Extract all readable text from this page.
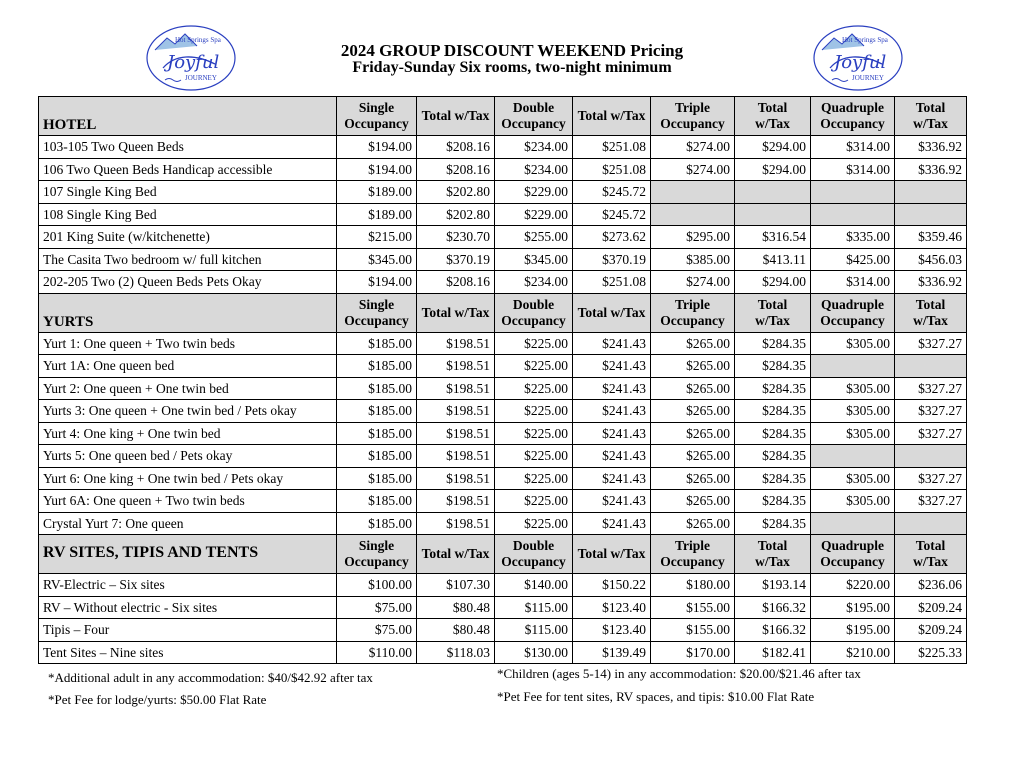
Hot Springs Spa
Joyful
JOURNEY
Hot Springs Spa
Joyful
JOURNEY
2024 GROUP DISCOUNT WEEKEND Pricing
Friday-Sunday Six rooms, two-night minimum
HOTEL	Single Occupancy	Total w/Tax	Double Occupancy	Total w/Tax	Triple Occupancy	Total w/Tax	Quadruple Occupancy	Total w/Tax
103-105 Two Queen Beds	$194.00	$208.16	$234.00	$251.08	$274.00	$294.00	$314.00	$336.92
106 Two Queen Beds Handicap accessible	$194.00	$208.16	$234.00	$251.08	$274.00	$294.00	$314.00	$336.92
107 Single King Bed	$189.00	$202.80	$229.00	$245.72				
108 Single King Bed	$189.00	$202.80	$229.00	$245.72				
201 King Suite (w/kitchenette)	$215.00	$230.70	$255.00	$273.62	$295.00	$316.54	$335.00	$359.46
The Casita Two bedroom w/ full kitchen	$345.00	$370.19	$345.00	$370.19	$385.00	$413.11	$425.00	$456.03
202-205 Two (2) Queen Beds Pets Okay	$194.00	$208.16	$234.00	$251.08	$274.00	$294.00	$314.00	$336.92
YURTS	Single Occupancy	Total w/Tax	Double Occupancy	Total w/Tax	Triple Occupancy	Total w/Tax	Quadruple Occupancy	Total w/Tax
Yurt 1: One queen + Two twin beds	$185.00	$198.51	$225.00	$241.43	$265.00	$284.35	$305.00	$327.27
Yurt 1A: One queen bed	$185.00	$198.51	$225.00	$241.43	$265.00	$284.35		
Yurt 2: One queen + One twin bed	$185.00	$198.51	$225.00	$241.43	$265.00	$284.35	$305.00	$327.27
Yurts 3: One queen + One twin bed / Pets okay	$185.00	$198.51	$225.00	$241.43	$265.00	$284.35	$305.00	$327.27
Yurt 4: One king + One twin bed	$185.00	$198.51	$225.00	$241.43	$265.00	$284.35	$305.00	$327.27
Yurts 5: One queen bed / Pets okay	$185.00	$198.51	$225.00	$241.43	$265.00	$284.35		
Yurt 6: One king + One twin bed / Pets okay	$185.00	$198.51	$225.00	$241.43	$265.00	$284.35	$305.00	$327.27
Yurt 6A: One queen + Two twin beds	$185.00	$198.51	$225.00	$241.43	$265.00	$284.35	$305.00	$327.27
Crystal Yurt 7: One queen	$185.00	$198.51	$225.00	$241.43	$265.00	$284.35		
RV SITES, TIPIS AND TENTS	Single Occupancy	Total w/Tax	Double Occupancy	Total w/Tax	Triple Occupancy	Total w/Tax	Quadruple Occupancy	Total w/Tax
RV-Electric – Six sites	$100.00	$107.30	$140.00	$150.22	$180.00	$193.14	$220.00	$236.06
RV – Without electric - Six sites	$75.00	$80.48	$115.00	$123.40	$155.00	$166.32	$195.00	$209.24
Tipis – Four	$75.00	$80.48	$115.00	$123.40	$155.00	$166.32	$195.00	$209.24
Tent Sites – Nine sites	$110.00	$118.03	$130.00	$139.49	$170.00	$182.41	$210.00	$225.33
*Additional adult in any accommodation: $40/$42.92 after tax
*Pet Fee for lodge/yurts: $50.00 Flat Rate
*Children (ages 5-14) in any accommodation: $20.00/$21.46 after tax
*Pet Fee for tent sites, RV spaces, and tipis: $10.00 Flat Rate
